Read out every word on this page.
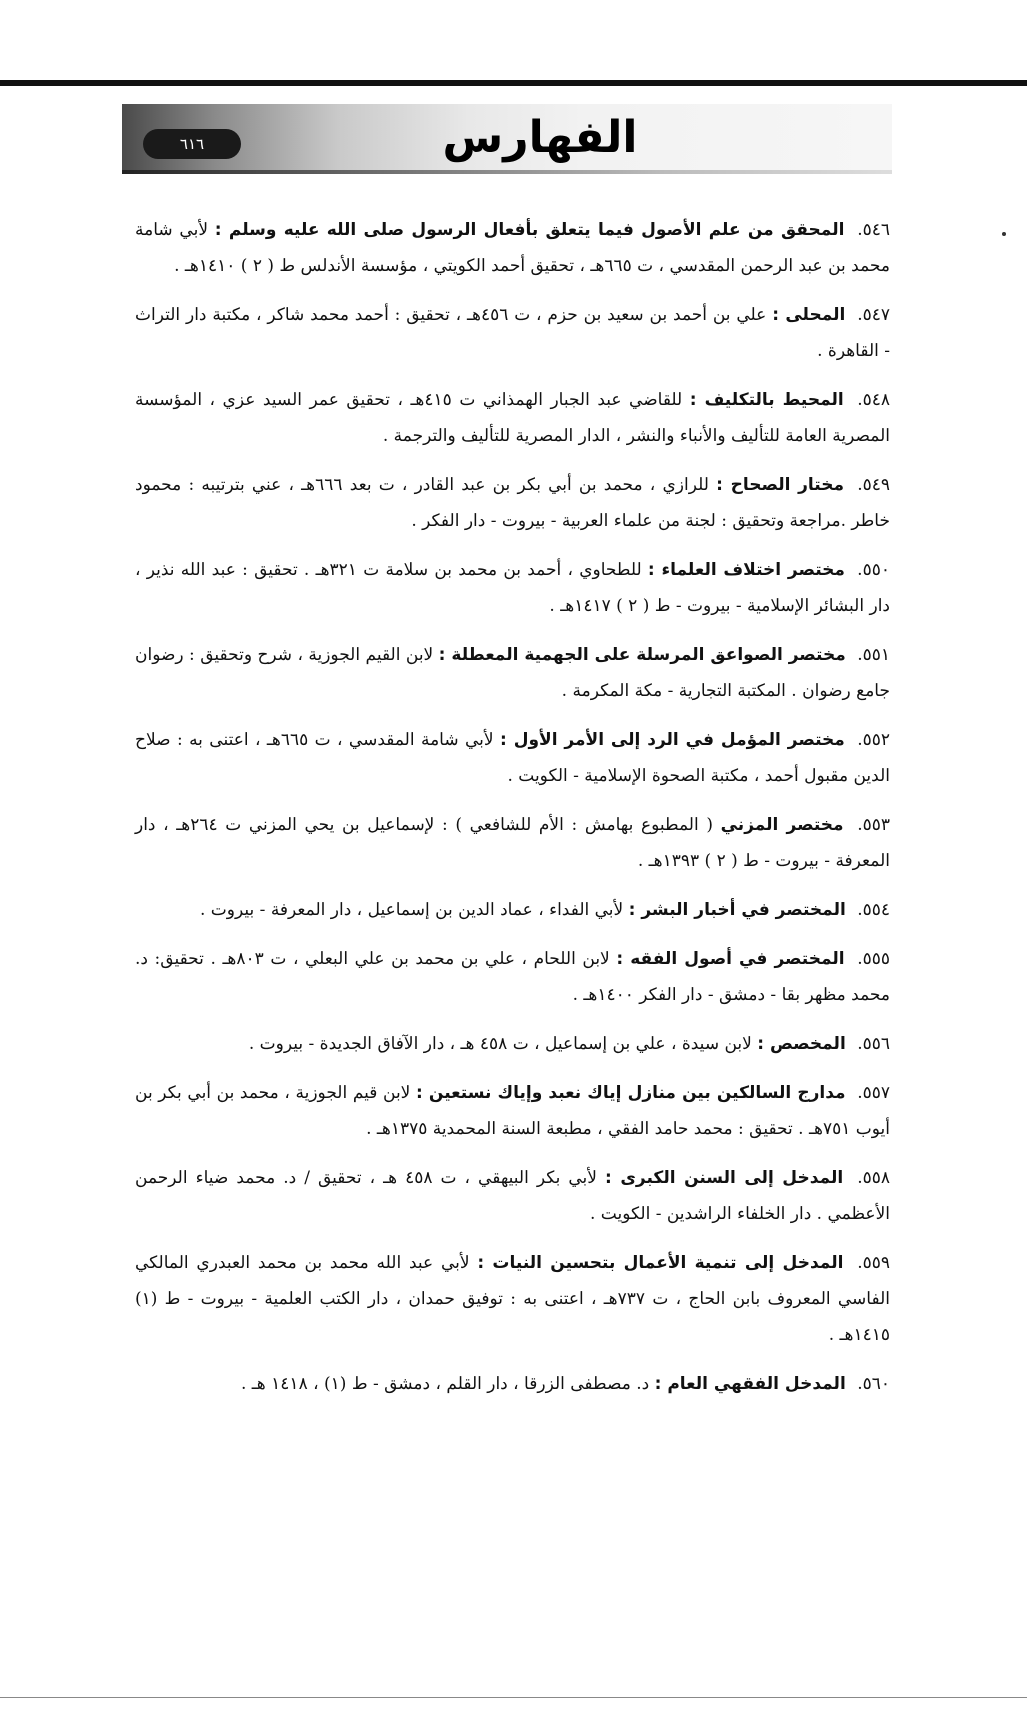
٦١٦	الفهارس

٥٤٦. المحقق من علم الأصول فيما يتعلق بأفعال الرسول صلى الله عليه وسلم : لأبي شامة محمد بن عبد الرحمن المقدسي ، ت ٦٦٥هـ ، تحقيق أحمد الكويتي ، مؤسسة الأندلس ط ( ٢ ) ١٤١٠هـ .

٥٤٧. المحلى : علي بن أحمد بن سعيد بن حزم ، ت ٤٥٦هـ ، تحقيق : أحمد محمد شاكر ، مكتبة دار التراث - القاهرة .

٥٤٨. المحيط بالتكليف : للقاضي عبد الجبار الهمذاني ت ٤١٥هـ ، تحقيق عمر السيد عزي ، المؤسسة المصرية العامة للتأليف والأنباء والنشر ، الدار المصرية للتأليف والترجمة .

٥٤٩. مختار الصحاح : للرازي ، محمد بن أبي بكر بن عبد القادر ، ت بعد ٦٦٦هـ ، عني بترتيبه : محمود خاطر .مراجعة وتحقيق : لجنة من علماء العربية - بيروت - دار الفكر .

٥٥٠. مختصر اختلاف العلماء : للطحاوي ، أحمد بن محمد بن سلامة ت ٣٢١هـ . تحقيق : عبد الله نذير ، دار البشائر الإسلامية - بيروت - ط ( ٢ ) ١٤١٧هـ .

٥٥١. مختصر الصواعق المرسلة على الجهمية المعطلة : لابن القيم الجوزية ، شرح وتحقيق : رضوان جامع رضوان . المكتبة التجارية - مكة المكرمة .

٥٥٢. مختصر المؤمل في الرد إلى الأمر الأول : لأبي شامة المقدسي ، ت ٦٦٥هـ ، اعتنى به : صلاح الدين مقبول أحمد ، مكتبة الصحوة الإسلامية - الكويت .

٥٥٣. مختصر المزني ( المطبوع بهامش : الأم للشافعي ) : لإسماعيل بن يحي المزني ت ٢٦٤هـ ، دار المعرفة - بيروت - ط ( ٢ ) ١٣٩٣هـ .

٥٥٤. المختصر في أخبار البشر : لأبي الفداء ، عماد الدين بن إسماعيل ، دار المعرفة - بيروت .

٥٥٥. المختصر في أصول الفقه : لابن اللحام ، علي بن محمد بن علي البعلي ، ت ٨٠٣هـ . تحقيق: د. محمد مظهر بقا - دمشق - دار الفكر ١٤٠٠هـ .

٥٥٦. المخصص : لابن سيدة ، علي بن إسماعيل ، ت ٤٥٨ هـ ، دار الآفاق الجديدة - بيروت .

٥٥٧. مدارج السالكين بين منازل إياك نعبد وإياك نستعين : لابن قيم الجوزية ، محمد بن أبي بكر بن أيوب ٧٥١هـ . تحقيق : محمد حامد الفقي ، مطبعة السنة المحمدية ١٣٧٥هـ .

٥٥٨. المدخل إلى السنن الكبرى : لأبي بكر البيهقي ، ت ٤٥٨ هـ ، تحقيق / د. محمد ضياء الرحمن الأعظمي . دار الخلفاء الراشدين - الكويت .

٥٥٩. المدخل إلى تنمية الأعمال بتحسين النيات : لأبي عبد الله محمد بن محمد العبدري المالكي الفاسي المعروف بابن الحاج ، ت ٧٣٧هـ ، اعتنى به : توفيق حمدان ، دار الكتب العلمية - بيروت - ط (١) ١٤١٥هـ .

٥٦٠. المدخل الفقهي العام : د. مصطفى الزرقا ، دار القلم ، دمشق - ط (١) ، ١٤١٨ هـ .
